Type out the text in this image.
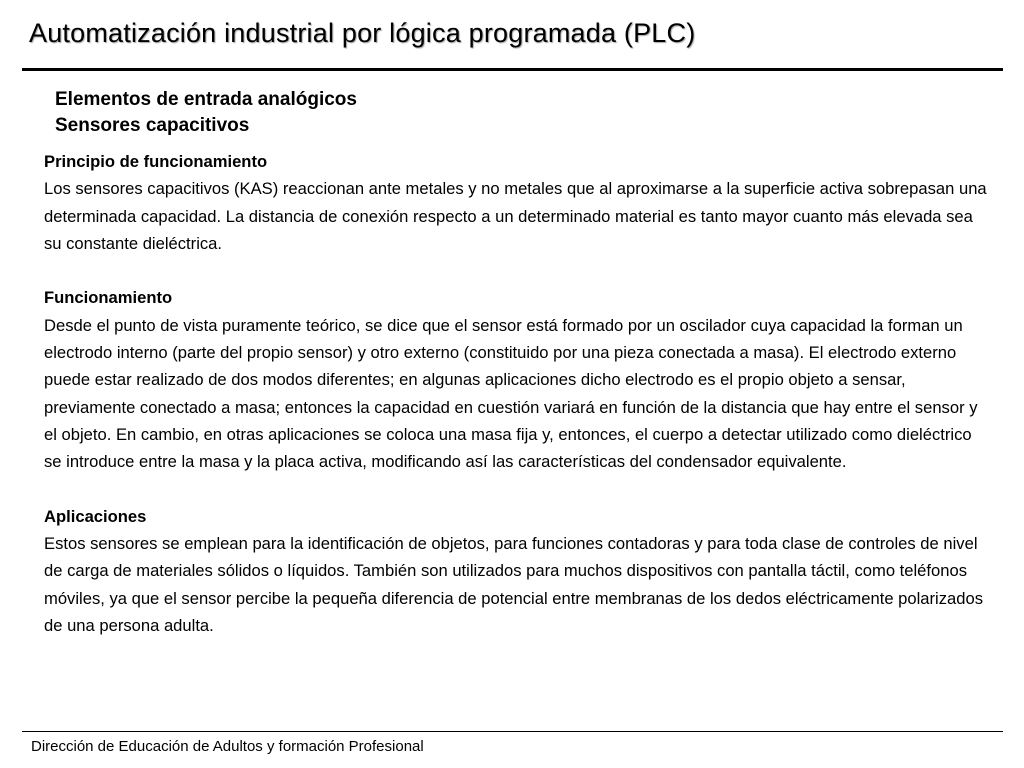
Automatización industrial por lógica programada (PLC)
Elementos de entrada analógicos
Sensores capacitivos
Principio de funcionamiento
Los sensores capacitivos (KAS) reaccionan ante metales y no metales que al aproximarse a la superficie activa sobrepasan una determinada capacidad. La distancia de conexión respecto a un determinado material es tanto mayor cuanto más elevada sea su constante dieléctrica.
Funcionamiento
Desde el punto de vista puramente teórico, se dice que el sensor está formado por un oscilador cuya capacidad la forman un electrodo interno (parte del propio sensor) y otro externo (constituido por una pieza conectada a masa). El electrodo externo puede estar realizado de dos modos diferentes; en algunas aplicaciones dicho electrodo es el propio objeto a sensar, previamente conectado a masa; entonces la capacidad en cuestión variará en función de la distancia que hay entre el sensor y el objeto. En cambio, en otras aplicaciones se coloca una masa fija y, entonces, el cuerpo a detectar utilizado como dieléctrico se introduce entre la masa y la placa activa, modificando así las características del condensador equivalente.
Aplicaciones
Estos sensores se emplean para la identificación de objetos, para funciones contadoras y para toda clase de controles de nivel de carga de materiales sólidos o líquidos. También son utilizados para muchos dispositivos con pantalla táctil, como teléfonos móviles, ya que el sensor percibe la pequeña diferencia de potencial entre membranas de los dedos eléctricamente polarizados de una persona adulta.
Dirección de Educación de Adultos y formación Profesional
